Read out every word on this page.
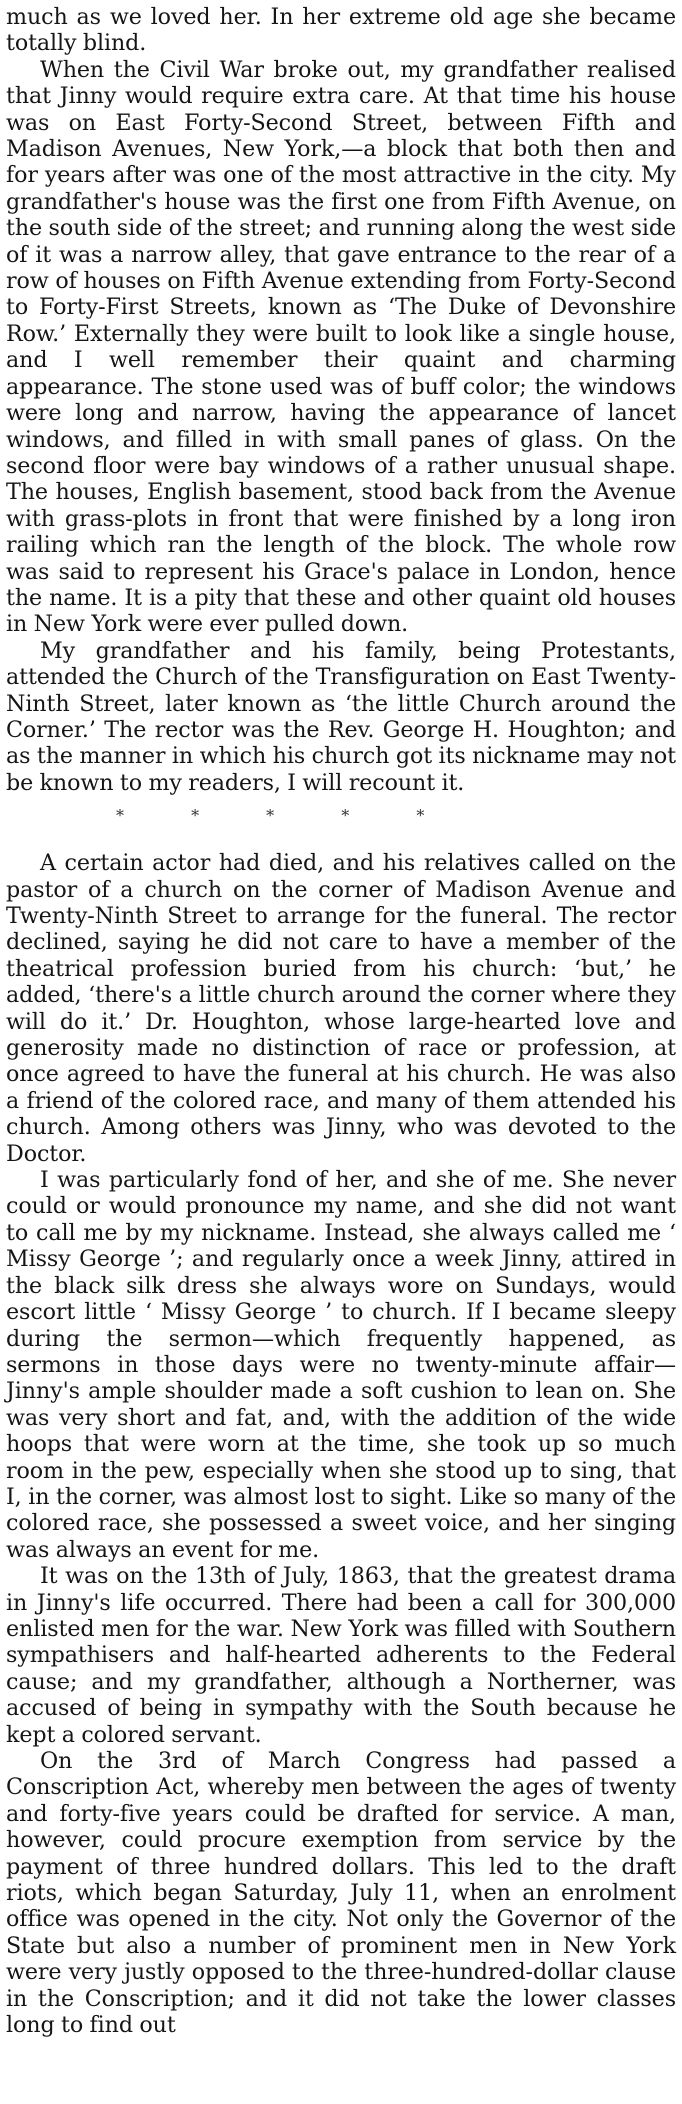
much as we loved her. In her extreme old age she became totally blind.

When the Civil War broke out, my grandfather realised that Jinny would require extra care. At that time his house was on East Forty-Second Street, between Fifth and Madison Avenues, New York,—a block that both then and for years after was one of the most attractive in the city. My grandfather's house was the first one from Fifth Avenue, on the south side of the street; and running along the west side of it was a narrow alley, that gave entrance to the rear of a row of houses on Fifth Avenue extending from Forty-Second to Forty-First Streets, known as ‘The Duke of Devonshire Row.’ Externally they were built to look like a single house, and I well remember their quaint and charming appearance. The stone used was of buff color; the windows were long and narrow, having the appearance of lancet windows, and filled in with small panes of glass. On the second floor were bay windows of a rather unusual shape. The houses, English basement, stood back from the Avenue with grass-plots in front that were finished by a long iron railing which ran the length of the block. The whole row was said to represent his Grace's palace in London, hence the name. It is a pity that these and other quaint old houses in New York were ever pulled down.

My grandfather and his family, being Protestants, attended the Church of the Transfiguration on East Twenty-Ninth Street, later known as ‘the little Church around the Corner.’ The rector was the Rev. George H. Houghton; and as the manner in which his church got its nickname may not be known to my readers, I will recount it.

* * * * *

A certain actor had died, and his relatives called on the pastor of a church on the corner of Madison Avenue and Twenty-Ninth Street to arrange for the funeral. The rector declined, saying he did not care to have a member of the theatrical profession buried from his church: ‘but,’ he added, ‘there's a little church around the corner where they will do it.’ Dr. Houghton, whose large-hearted love and generosity made no distinction of race or profession, at once agreed to have the funeral at his church. He was also a friend of the colored race, and many of them attended his church. Among others was Jinny, who was devoted to the Doctor.

I was particularly fond of her, and she of me. She never could or would pronounce my name, and she did not want to call me by my nickname. Instead, she always called me ‘ Missy George ’; and regularly once a week Jinny, attired in the black silk dress she always wore on Sundays, would escort little ‘ Missy George ’ to church. If I became sleepy during the sermon—which frequently happened, as sermons in those days were no twenty-minute affair—Jinny's ample shoulder made a soft cushion to lean on. She was very short and fat, and, with the addition of the wide hoops that were worn at the time, she took up so much room in the pew, especially when she stood up to sing, that I, in the corner, was almost lost to sight. Like so many of the colored race, she possessed a sweet voice, and her singing was always an event for me.

It was on the 13th of July, 1863, that the greatest drama in Jinny's life occurred. There had been a call for 300,000 enlisted men for the war. New York was filled with Southern sympathisers and half-hearted adherents to the Federal cause; and my grandfather, although a Northerner, was accused of being in sympathy with the South because he kept a colored servant.

On the 3rd of March Congress had passed a Conscription Act, whereby men between the ages of twenty and forty-five years could be drafted for service. A man, however, could procure exemption from service by the payment of three hundred dollars. This led to the draft riots, which began Saturday, July 11, when an enrolment office was opened in the city. Not only the Governor of the State but also a number of prominent men in New York were very justly opposed to the three-hundred-dollar clause in the Conscription; and it did not take the lower classes long to find out
